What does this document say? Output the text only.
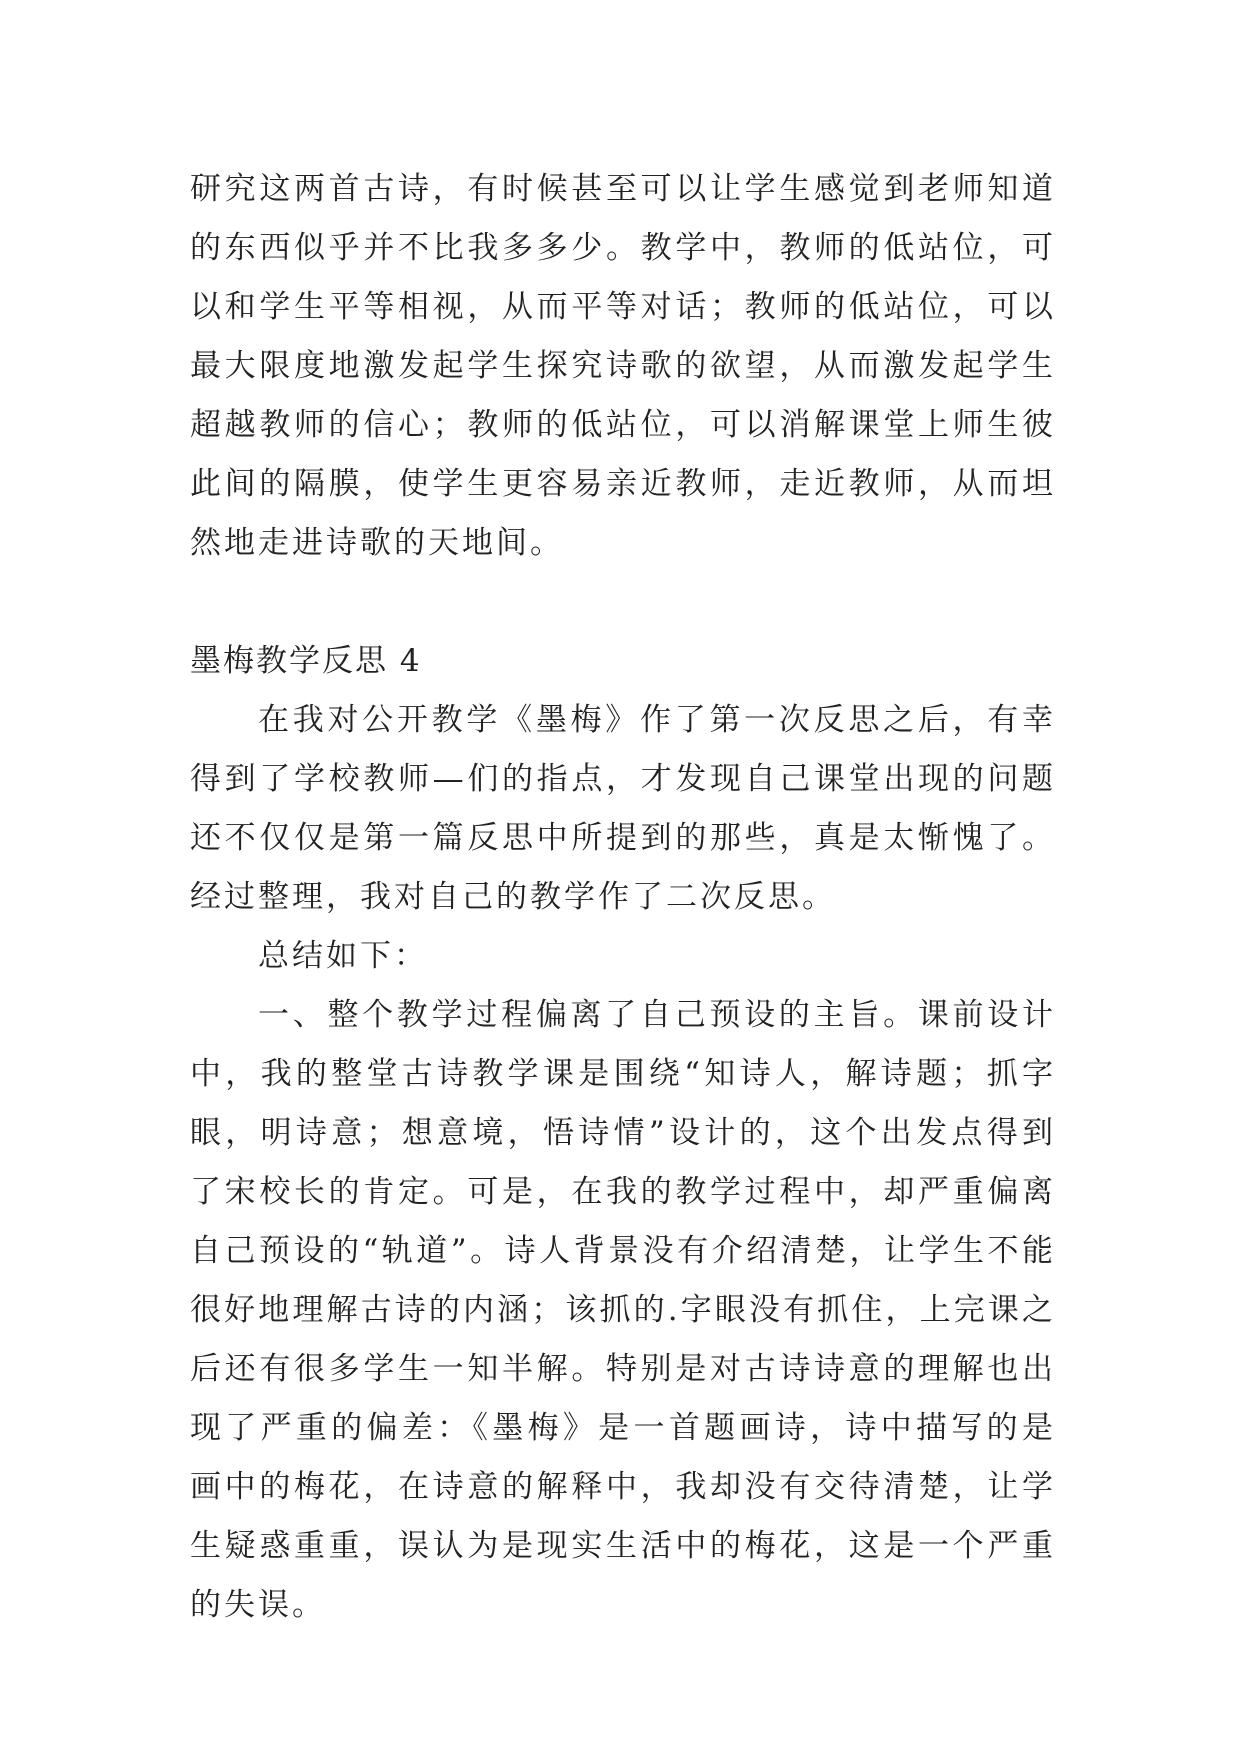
研究这两首古诗，有时候甚至可以让学生感觉到老师知道的东西似乎并不比我多多少。教学中，教师的低站位，可以和学生平等相视，从而平等对话；教师的低站位，可以最大限度地激发起学生探究诗歌的欲望，从而激发起学生超越教师的信心；教师的低站位，可以消解课堂上师生彼此间的隔膜，使学生更容易亲近教师，走近教师，从而坦然地走进诗歌的天地间。

墨梅教学反思 4

在我对公开教学《墨梅》作了第一次反思之后，有幸得到了学校教师—们的指点，才发现自己课堂出现的问题还不仅仅是第一篇反思中所提到的那些，真是太惭愧了。经过整理，我对自己的教学作了二次反思。

总结如下：

一、整个教学过程偏离了自己预设的主旨。课前设计中，我的整堂古诗教学课是围绕“知诗人，解诗题；抓字眼，明诗意；想意境，悟诗情”设计的，这个出发点得到了宋校长的肯定。可是，在我的教学过程中，却严重偏离自己预设的“轨道”。诗人背景没有介绍清楚，让学生不能很好地理解古诗的内涵；该抓的.字眼没有抓住，上完课之后还有很多学生一知半解。特别是对古诗诗意的理解也出现了严重的偏差：《墨梅》是一首题画诗，诗中描写的是画中的梅花，在诗意的解释中，我却没有交待清楚，让学生疑惑重重，误认为是现实生活中的梅花，这是一个严重的失误。
